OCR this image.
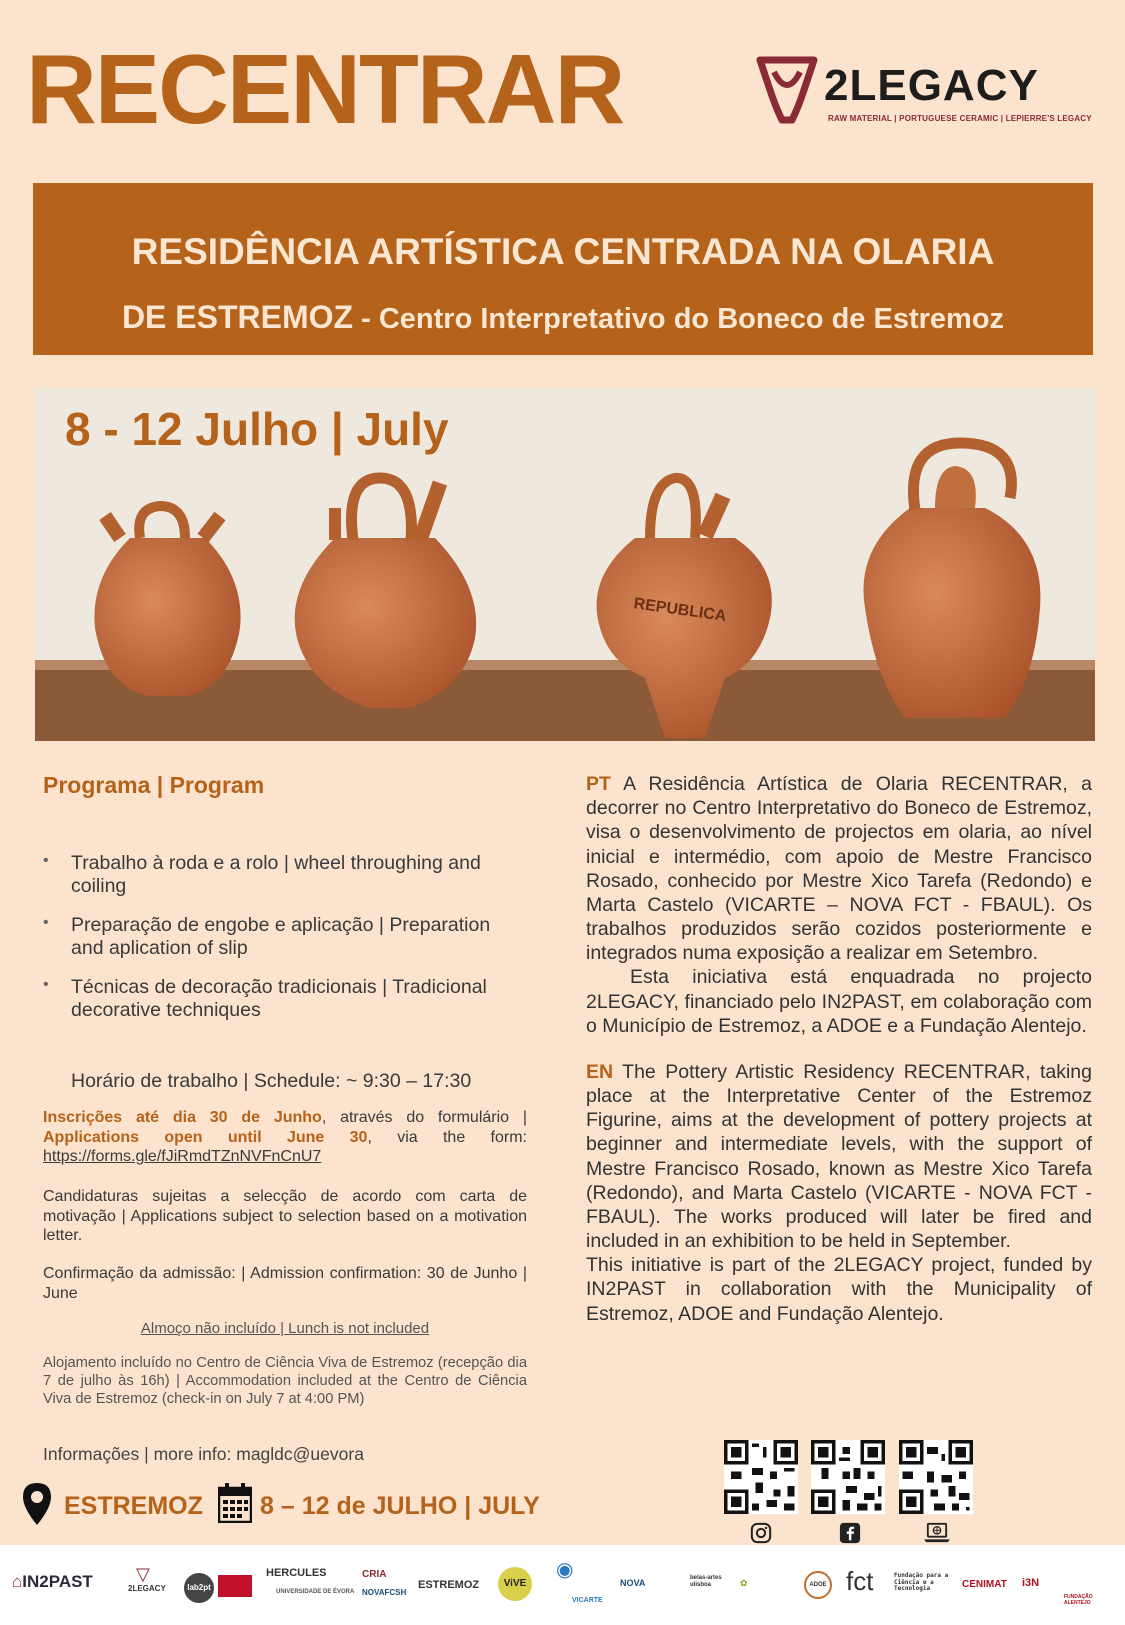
RECENTRAR	2LEGACY
RAW MATERIAL | PORTUGUESE CERAMIC | LEPIERRE'S LEGACY
RESIDÊNCIA ARTÍSTICA CENTRADA NA OLARIA
DE ESTREMOZ - Centro Interpretativo do Boneco de Estremoz
REPUBLICA
8 - 12 Julho | July
Programa | Program
• Trabalho à roda e a rolo | wheel throughing and coiling
• Preparação de engobe e aplicação | Preparation and aplication of slip
• Técnicas de decoração tradicionais | Tradicional decorative techniques
Horário de trabalho | Schedule: ~ 9:30 – 17:30
Inscrições até dia 30 de Junho, através do formulário | Applications open until June 30, via the form: https://forms.gle/fJiRmdTZnNVFnCnU7
Candidaturas sujeitas a selecção de acordo com carta de motivação | Applications subject to selection based on a motivation letter.
Confirmação da admissão: | Admission confirmation: 30 de Junho | June
Almoço não incluído | Lunch is not included
Alojamento incluído no Centro de Ciência Viva de Estremoz (recepção dia 7 de julho às 16h) | Accommodation included at the Centro de Ciência Viva de Estremoz (check-in on July 7 at 4:00 PM)
Informações | more info: magldc@uevora

PT A Residência Artística de Olaria RECENTRAR, a decorrer no Centro Interpretativo do Boneco de Estremoz, visa o desenvolvimento de projectos em olaria, ao nível inicial e intermédio, com apoio de Mestre Francisco Rosado, conhecido por Mestre Xico Tarefa (Redondo) e Marta Castelo (VICARTE – NOVA FCT - FBAUL). Os trabalhos produzidos serão cozidos posteriormente e integrados numa exposição a realizar em Setembro.

Esta iniciativa está enquadrada no projecto 2LEGACY, financiado pelo IN2PAST, em colaboração com o Município de Estremoz, a ADOE e a Fundação Alentejo.

EN The Pottery Artistic Residency RECENTRAR, taking place at the Interpretative Center of the Estremoz Figurine, aims at the development of pottery projects at beginner and intermediate levels, with the support of Mestre Francisco Rosado, known as Mestre Xico Tarefa (Redondo), and Marta Castelo (VICARTE - NOVA FCT - FBAUL). The works produced will later be fired and included in an exhibition to be held in September.

This initiative is part of the 2LEGACY project, funded by IN2PAST in collaboration with the Municipality of Estremoz, ADOE and Fundação Alentejo.

ESTREMOZ 8 – 12 de JULHO | JULY
⌂IN2PAST ▽
2LEGACY	lab2pt
HERCULES
UNIVERSIDADE DE ÉVORA
CRIA
NOVAFCSH
ESTREMOZ	ViVE
◉
VICARTE
NOVA	belas-artes ulisboa	✿	ADOE fct	Fundação para a Ciência e a Tecnologia	CENIMAT i3N
FUNDAÇÃO ALENTEJO
